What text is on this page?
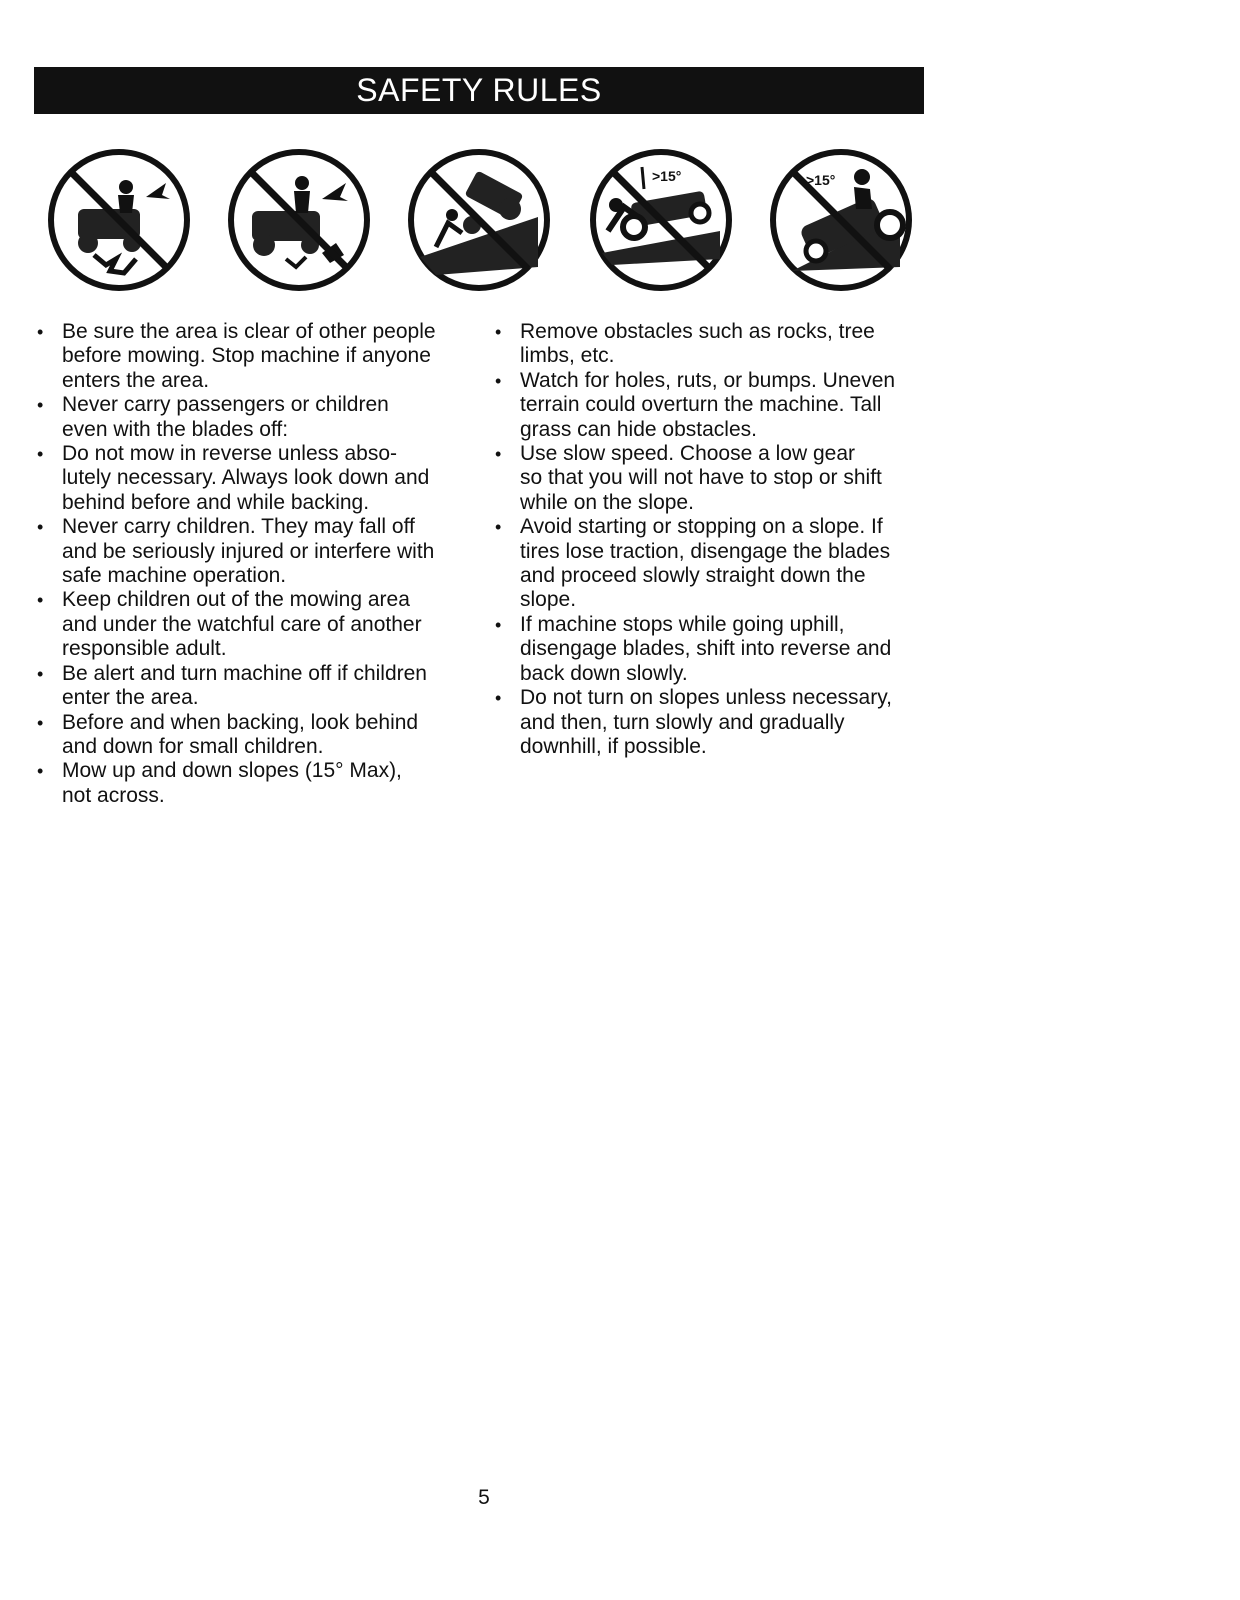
SAFETY RULES
>15°	>15°
• Be sure the area is clear of other people
before mowing. Stop machine if anyone
enters the area.
• Never carry passengers or children
even with the blades off:
• Do not mow in reverse unless abso-
lutely necessary. Always look down and
behind before and while backing.
• Never carry children. They may fall off
and be seriously injured or interfere with
safe machine operation.
• Keep children out of the mowing area
and under the watchful care of another
responsible adult.
• Be alert and turn machine off if children
enter the area.
• Before and when backing, look behind
and down for small children.
• Mow up and down slopes (15° Max),
not across.
• Remove obstacles such as rocks, tree
limbs, etc.
• Watch for holes, ruts, or bumps. Uneven
terrain could overturn the machine. Tall
grass can hide obstacles.
• Use slow speed. Choose a low gear
so that you will not have to stop or shift
while on the slope.
• Avoid starting or stopping on a slope. If
tires lose traction, disengage the blades
and proceed slowly straight down the
slope.
• If machine stops while going uphill,
disengage blades, shift into reverse and
back down slowly.
• Do not turn on slopes unless necessary,
and then, turn slowly and gradually
downhill, if possible.
5
